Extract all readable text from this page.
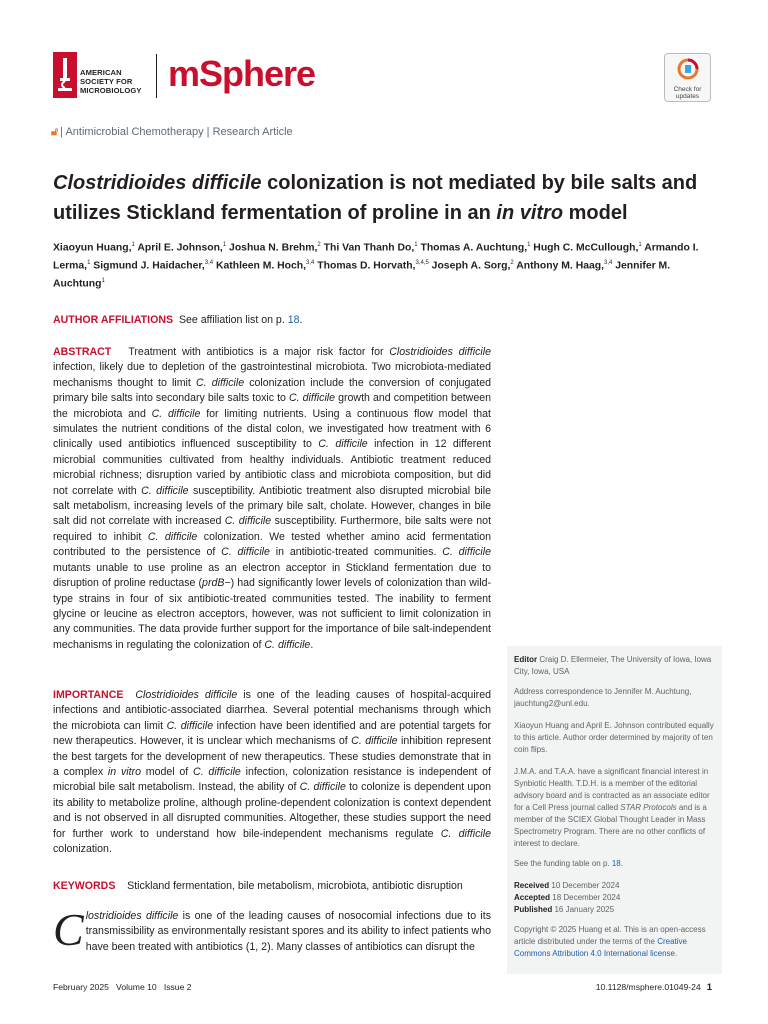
AMERICAN
SOCIETY FOR
MICROBIOLOGY mSphere	Check for
updates
🔓︎ | Antimicrobial Chemotherapy | Research Article
Clostridioides difficile colonization is not mediated by bile salts and utilizes Stickland fermentation of proline in an in vitro model
Xiaoyun Huang,$^1$ April E. Johnson,$^1$ Joshua N. Brehm,$^2$ Thi Van Thanh Do,$^1$ Thomas A. Auchtung,$^1$ Hugh C. McCullough,$^1$ Armando I. Lerma,$^1$ Sigmund J. Haidacher,$^{3,4}$ Kathleen M. Hoch,$^{3,4}$ Thomas D. Horvath,$^{3,4,5}$ Joseph A. Sorg,$^2$ Anthony M. Haag,$^{3,4}$ Jennifer M. Auchtung$^1$
AUTHOR AFFILIATIONS See affiliation list on p. 18.
ABSTRACT Treatment with antibiotics is a major risk factor for Clostridioides difficile infection, likely due to depletion of the gastrointestinal microbiota. Two microbiota-mediated mechanisms thought to limit C. difficile colonization include the conversion of conjugated primary bile salts into secondary bile salts toxic to C. difficile growth and competition between the microbiota and C. difficile for limiting nutrients. Using a continuous flow model that simulates the nutrient conditions of the distal colon, we investigated how treatment with 6 clinically used antibiotics influenced susceptibility to C. difficile infection in 12 different microbial communities cultivated from healthy individuals. Antibiotic treatment reduced microbial richness; disruption varied by antibiotic class and microbiota composition, but did not correlate with C. difficile susceptibility. Antibiotic treatment also disrupted microbial bile salt metabolism, increasing levels of the primary bile salt, cholate. However, changes in bile salt did not correlate with increased C. difficile susceptibility. Furthermore, bile salts were not required to inhibit C. difficile colonization. We tested whether amino acid fermentation contributed to the persistence of C. difficile in antibiotic-treated communities. C. difficile mutants unable to use proline as an electron acceptor in Stickland fermentation due to disruption of proline reductase (prdB−) had significantly lower levels of colonization than wild-type strains in four of six antibiotic-treated communities tested. The inability to ferment glycine or leucine as electron acceptors, however, was not sufficient to limit colonization in any communities. The data provide further support for the importance of bile salt-independent mechanisms in regulating the colonization of C. difficile.
IMPORTANCE Clostridioides difficile is one of the leading causes of hospital-acquired infections and antibiotic-associated diarrhea. Several potential mechanisms through which the microbiota can limit C. difficile infection have been identified and are potential targets for new therapeutics. However, it is unclear which mechanisms of C. difficile inhibition represent the best targets for the development of new therapeutics. These studies demonstrate that in a complex in vitro model of C. difficile infection, colonization resistance is independent of microbial bile salt metabolism. Instead, the ability of C. difficile to colonize is dependent upon its ability to metabolize proline, although proline-dependent colonization is context dependent and is not observed in all disrupted communities. Altogether, these studies support the need for further work to understand how bile-independent mechanisms regulate C. difficile colonization.
KEYWORDS Stickland fermentation, bile metabolism, microbiota, antibiotic disruption
Clostridioides difficile is one of the leading causes of nosocomial infections due to its transmissibility as environmentally resistant spores and its ability to infect patients who have been treated with antibiotics (1, 2). Many classes of antibiotics can disrupt the
Editor Craig D. Ellermeier, The University of Iowa, Iowa City, Iowa, USA
Address correspondence to Jennifer M. Auchtung, jauchtung2@unl.edu.
Xiaoyun Huang and April E. Johnson contributed equally to this article. Author order determined by majority of ten coin flips.
J.M.A. and T.A.A. have a significant financial interest in Synbiotic Health. T.D.H. is a member of the editorial advisory board and is contracted as an associate editor for a Cell Press journal called STAR Protocols and is a member of the SCIEX Global Thought Leader in Mass Spectrometry Program. There are no other conflicts of interest to declare.
See the funding table on p. 18.
Received 10 December 2024
Accepted 18 December 2024
Published 16 January 2025
Copyright © 2025 Huang et al. This is an open-access article distributed under the terms of the Creative Commons Attribution 4.0 International license.
February 2025   Volume 10   Issue 2	10.1128/msphere.01049-24 1
